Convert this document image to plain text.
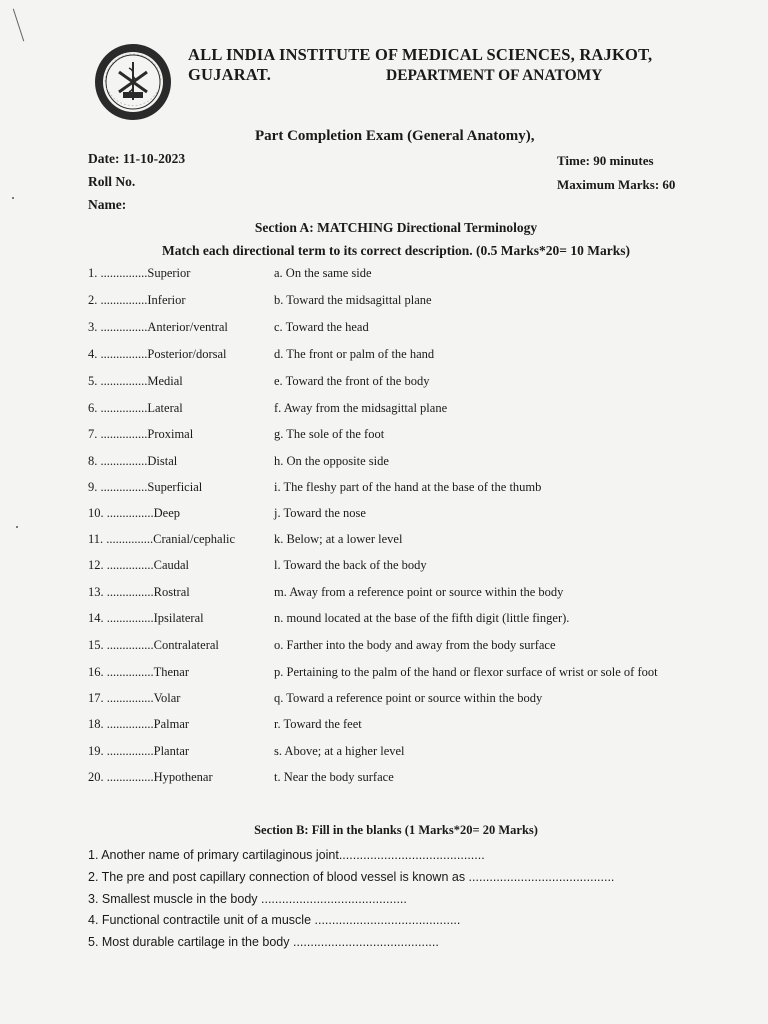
ALL INDIA INSTITUTE OF MEDICAL SCIENCES, RAJKOT, GUJARAT.	DEPARTMENT OF ANATOMY
Part Completion Exam (General Anatomy),
Date: 11-10-2023
Roll No.
Name:
Time: 90 minutes
Maximum Marks: 60
Section A: MATCHING Directional Terminology
Match each directional term to its correct description. (0.5 Marks*20= 10 Marks)
1. ...............Superior	a. On the same side
2. ...............Inferior	b. Toward the midsagittal plane
3. ...............Anterior/ventral	c. Toward the head
4. ...............Posterior/dorsal	d. The front or palm of the hand
5. ...............Medial	e. Toward the front of the body
6. ...............Lateral	f. Away from the midsagittal plane
7. ...............Proximal	g. The sole of the foot
8. ...............Distal	h. On the opposite side
9. ...............Superficial	i. The fleshy part of the hand at the base of the thumb
10. ...............Deep	j. Toward the nose
11. ...............Cranial/cephalic	k. Below; at a lower level
12. ...............Caudal	l. Toward the back of the body
13. ...............Rostral	m. Away from a reference point or source within the body
14. ...............Ipsilateral	n. mound located at the base of the fifth digit (little finger).
15. ...............Contralateral	o. Farther into the body and away from the body surface
16. ...............Thenar	p. Pertaining to the palm of the hand or flexor surface of wrist or sole of foot
17. ...............Volar	q. Toward a reference point or source within the body
18. ...............Palmar	r. Toward the feet
19. ...............Plantar	s. Above; at a higher level
20. ...............Hypothenar	t. Near the body surface
Section B: Fill in the blanks (1 Marks*20= 20 Marks)
1. Another name of primary cartilaginous joint..........................................
2. The pre and post capillary connection of blood vessel is known as ..........................................
3. Smallest muscle in the body ..........................................
4. Functional contractile unit of a muscle ..........................................
5. Most durable cartilage in the body ..........................................
